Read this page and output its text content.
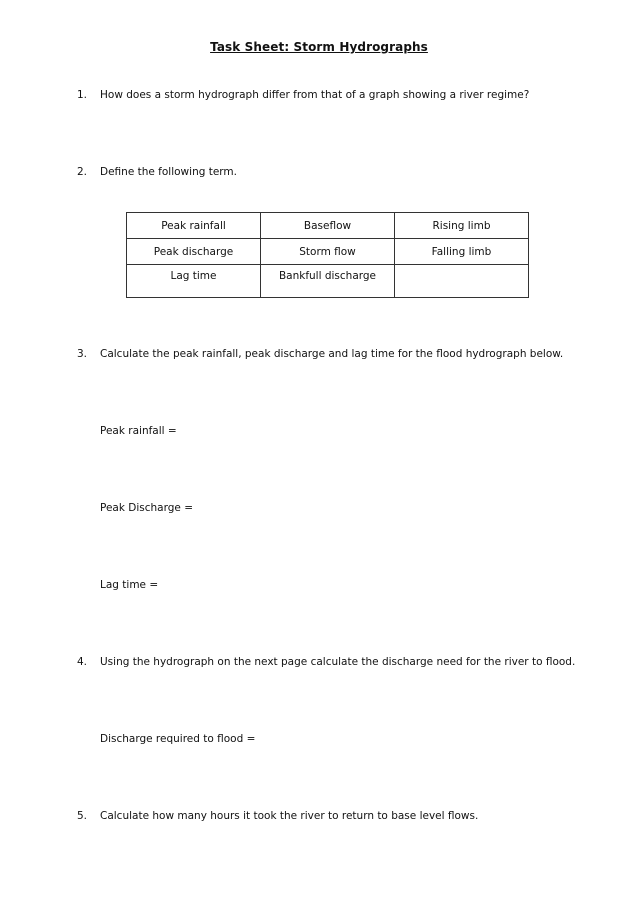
Task Sheet: Storm Hydrographs
1. How does a storm hydrograph differ from that of a graph showing a river regime?
2. Define the following term.
Peak rainfall	Baseflow	Rising limb
Peak discharge	Storm flow	Falling limb
Lag time	Bankfull discharge	
3. Calculate the peak rainfall, peak discharge and lag time for the flood hydrograph below.
Peak rainfall =
Peak Discharge =
Lag time =
4. Using the hydrograph on the next page calculate the discharge need for the river to flood.
Discharge required to flood =
5. Calculate how many hours it took the river to return to base level flows.
